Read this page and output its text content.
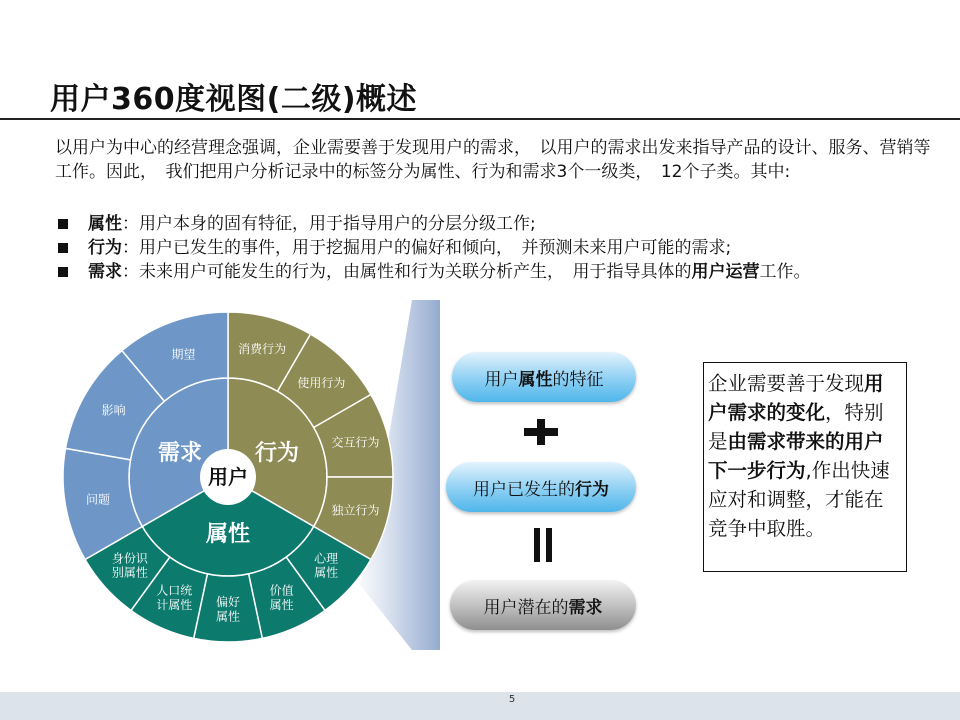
用户360度视图(二级)概述
以用户为中心的经营理念强调，企业需要善于发现用户的需求，　以用户的需求出发来指导产品的设计、服务、营销等工作。因此，　我们把用户分析记录中的标签分为属性、行为和需求3个一级类，　12个子类。其中:
属性：用户本身的固有特征，用于指导用户的分层分级工作;
行为：用户已发生的事件，用于挖掘用户的偏好和倾向，　并预测未来用户可能的需求;
需求：未来用户可能发生的行为，由属性和行为关联分析产生，　用于指导具体的用户运营工作。
消费行为
使用行为
交互行为
独立行为
心理属性
价值属性
偏好属性
人口统计属性
身份识别属性
期望
影响
问题
用户
需求 行为
属性
用户 属性 的特征
用户已发生的 行为
用户潜在的 需求
企业需要善于发现用户需求的变化，特别是由需求带来的用户下一步行为,作出快速应对和调整，才能在竞争中取胜。
5
